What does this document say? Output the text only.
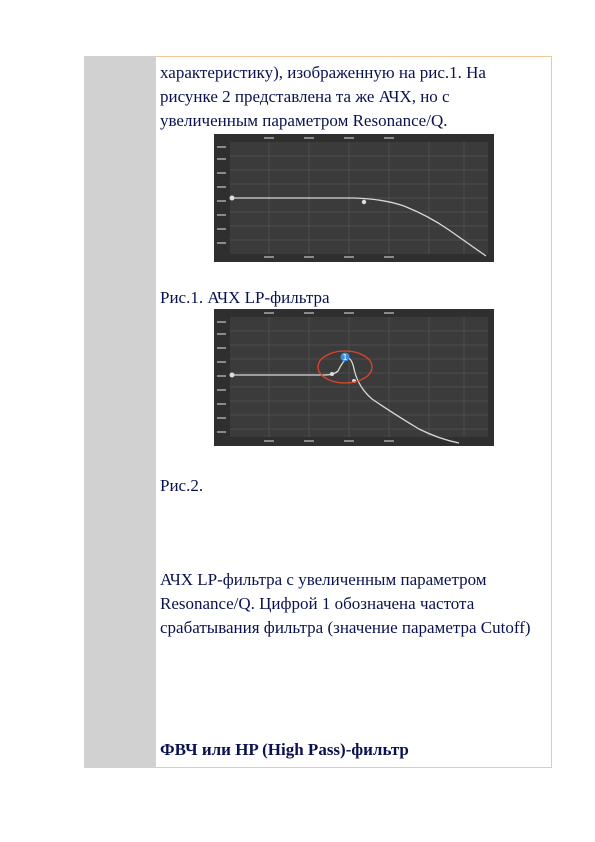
характеристику), изображенную на рис.1. На рисунке 2 представлена та же АЧХ, но с увеличенным параметром Resonance/Q.

Рис.1. АЧХ LP-фильтра

1

Рис.2.

АЧХ LP-фильтра с увеличенным параметром Resonance/Q. Цифрой 1 обозначена частота срабатывания фильтра (значение параметра Cutoff)

ФВЧ или HP (High Pass)-фильтр
